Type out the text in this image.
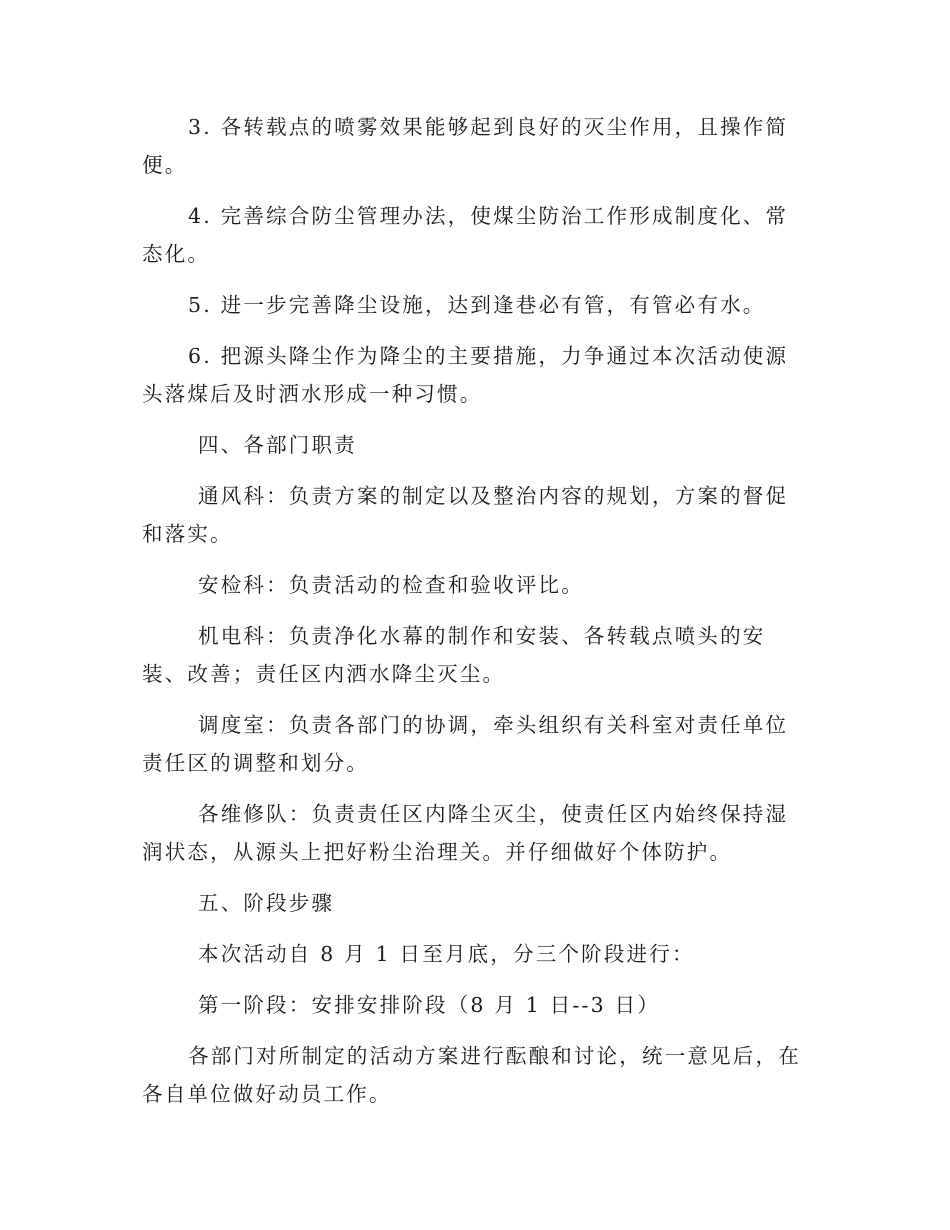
3. 各转载点的喷雾效果能够起到良好的灭尘作用，且操作简便。

4. 完善综合防尘管理办法，使煤尘防治工作形成制度化、常态化。

5. 进一步完善降尘设施，达到逢巷必有管，有管必有水。

6. 把源头降尘作为降尘的主要措施，力争通过本次活动使源头落煤后及时洒水形成一种习惯。

四、各部门职责

通风科：负责方案的制定以及整治内容的规划，方案的督促和落实。

安检科：负责活动的检查和验收评比。

机电科：负责净化水幕的制作和安装、各转载点喷头的安装、改善；责任区内洒水降尘灭尘。

调度室：负责各部门的协调，牵头组织有关科室对责任单位责任区的调整和划分。

各维修队：负责责任区内降尘灭尘，使责任区内始终保持湿润状态，从源头上把好粉尘治理关。并仔细做好个体防护。

五、阶段步骤

本次活动自 8 月 1 日至月底，分三个阶段进行：

第一阶段：安排安排阶段（8 月 1 日--3 日）

各部门对所制定的活动方案进行酝酿和讨论，统一意见后，在各自单位做好动员工作。
